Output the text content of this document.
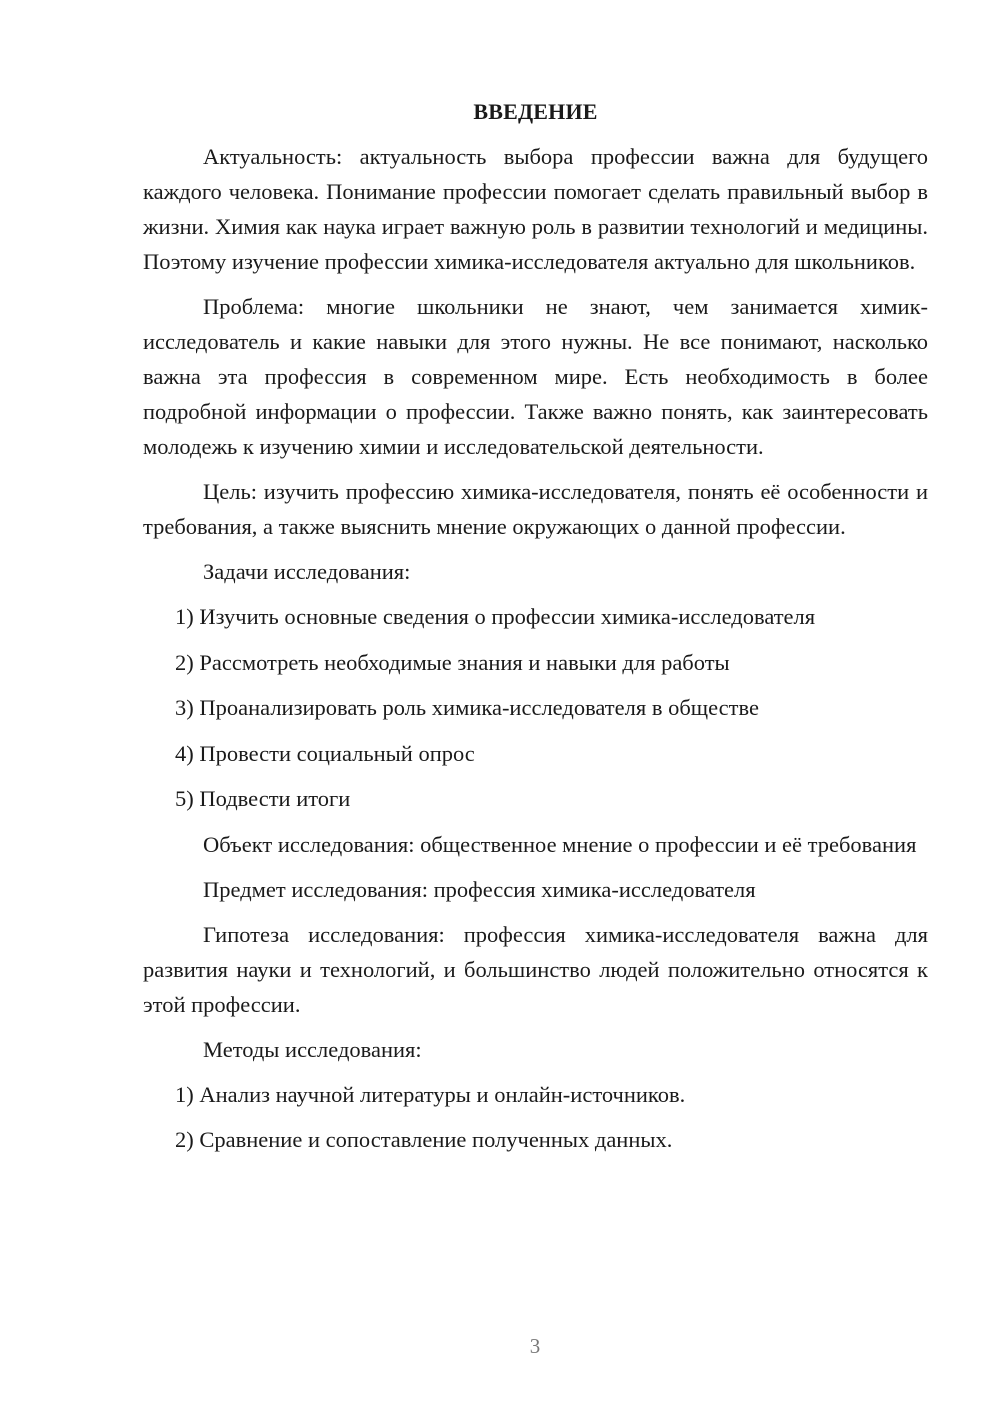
ВВЕДЕНИЕ

Актуальность: актуальность выбора профессии важна для будущего каждого человека. Понимание профессии помогает сделать правильный выбор в жизни. Химия как наука играет важную роль в развитии технологий и медицины. Поэтому изучение профессии химика-исследователя актуально для школьников.

Проблема: многие школьники не знают, чем занимается химик-исследователь и какие навыки для этого нужны. Не все понимают, насколько важна эта профессия в современном мире. Есть необходимость в более подробной информации о профессии. Также важно понять, как заинтересовать молодежь к изучению химии и исследовательской деятельности.

Цель: изучить профессию химика-исследователя, понять её особенности и требования, а также выяснить мнение окружающих о данной профессии.

Задачи исследования:

1) Изучить основные сведения о профессии химика-исследователя
2) Рассмотреть необходимые знания и навыки для работы
3) Проанализировать роль химика-исследователя в обществе
4) Провести социальный опрос
5) Подвести итоги

Объект исследования: общественное мнение о профессии и её требования

Предмет исследования: профессия химика-исследователя

Гипотеза исследования: профессия химика-исследователя важна для развития науки и технологий, и большинство людей положительно относятся к этой профессии.

Методы исследования:

1) Анализ научной литературы и онлайн-источников.
2) Сравнение и сопоставление полученных данных.
3
